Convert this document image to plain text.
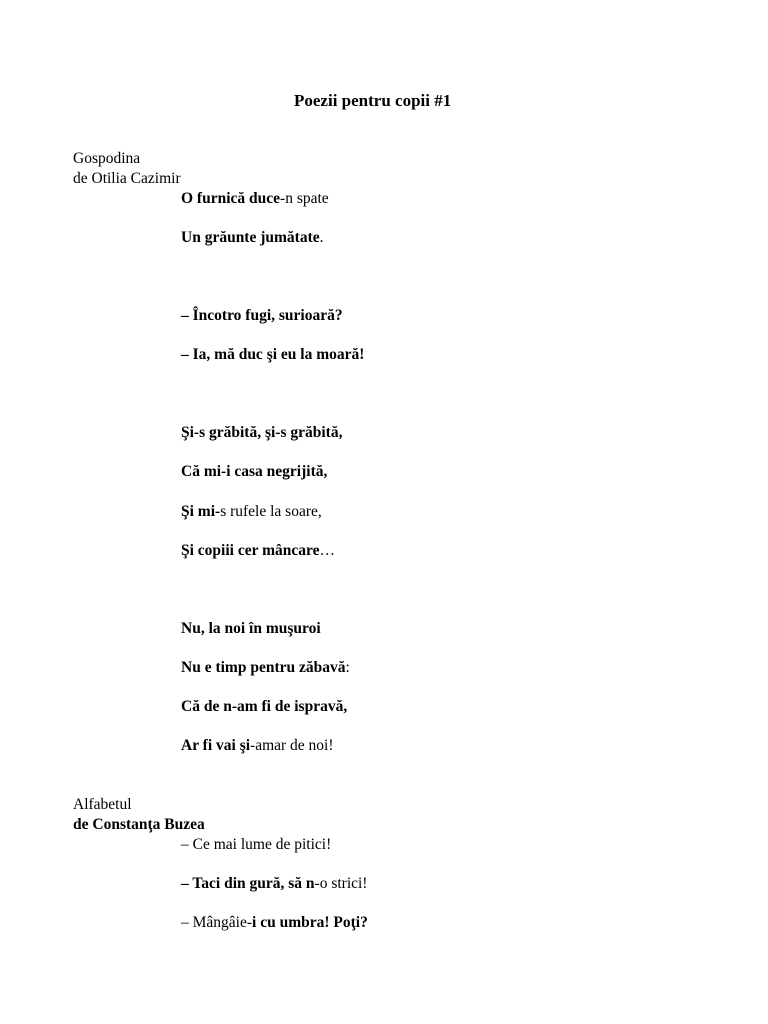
Poezii pentru copii #1
Gospodina
de Otilia Cazimir
O furnică duce-n spate
Un grăunte jumătate.
– Încotro fugi, surioară?
– Ia, mă duc şi eu la moară!
Şi-s grăbită, şi-s grăbită,
Că mi-i casa negrijită,
Şi mi-s rufele la soare,
Şi copiii cer mâncare…
Nu, la noi în muşuroi
Nu e timp pentru zăbavă:
Că de n-am fi de ispravă,
Ar fi vai şi-amar de noi!
Alfabetul
de Constanţa Buzea
– Ce mai lume de pitici!
– Taci din gură, să n-o strici!
– Mângâie-i cu umbra! Poţi?
